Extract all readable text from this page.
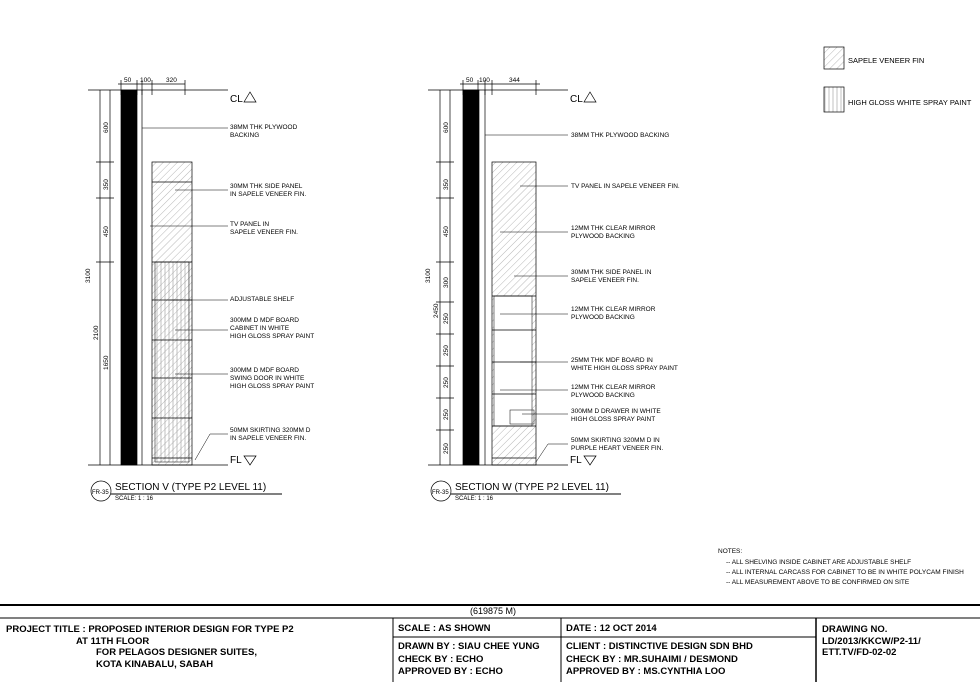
SAPELE VENEER FIN
HIGH GLOSS WHITE SPRAY PAINT
50 100 320
3100
2100
600
350
450
1650
CL
FL
38MM THK PLYWOOD BACKING
30MM THK SIDE PANEL IN SAPELE VENEER FIN.
TV PANEL IN SAPELE VENEER FIN.
ADJUSTABLE SHELF
300MM D MDF BOARD CABINET IN WHITE HIGH GLOSS SPRAY PAINT
300MM D MDF BOARD SWING DOOR IN WHITE HIGH GLOSS SPRAY PAINT
50MM SKIRTING 320MM D IN SAPELE VENEER FIN.
FR-35 SECTION V (TYPE P2 LEVEL 11)
SCALE: 1 : 16
50 100	344
3100
2450
600
350
450
300
250
250
250
250
250
CL
FL
38MM THK PLYWOOD BACKING
TV PANEL IN SAPELE VENEER FIN.
12MM THK CLEAR MIRROR PLYWOOD BACKING
30MM THK SIDE PANEL IN SAPELE VENEER FIN.
12MM THK CLEAR MIRROR PLYWOOD BACKING
25MM THK MDF BOARD IN WHITE HIGH GLOSS SPRAY PAINT
12MM THK CLEAR MIRROR PLYWOOD BACKING
300MM D DRAWER IN WHITE HIGH GLOSS SPRAY PAINT
50MM SKIRTING 320MM D IN PURPLE HEART VENEER FIN.
FR-35 SECTION W (TYPE P2 LEVEL 11)
SCALE: 1 : 16
NOTES:
-- ALL SHELVING INSIDE CABINET ARE ADJUSTABLE SHELF
-- ALL INTERNAL CARCASS FOR CABINET TO BE IN WHITE POLYCAM FINISH
-- ALL MEASUREMENT ABOVE TO BE CONFIRMED ON SITE
(619875 M)
PROJECT TITLE : PROPOSED INTERIOR DESIGN FOR TYPE P2
AT 11TH FLOOR
FOR PELAGOS DESIGNER SUITES,
KOTA KINABALU, SABAH
SCALE : AS SHOWN
DRAWN BY : SIAU CHEE YUNG
CHECK BY : ECHO
APPROVED BY : ECHO
DATE : 12 OCT 2014
CLIENT : DISTINCTIVE DESIGN SDN BHD
CHECK BY : MR.SUHAIMI / DESMOND
APPROVED BY : MS.CYNTHIA LOO
DRAWING NO.
LD/2013/KKCW/P2-11/
ETT.TV/FD-02-02
